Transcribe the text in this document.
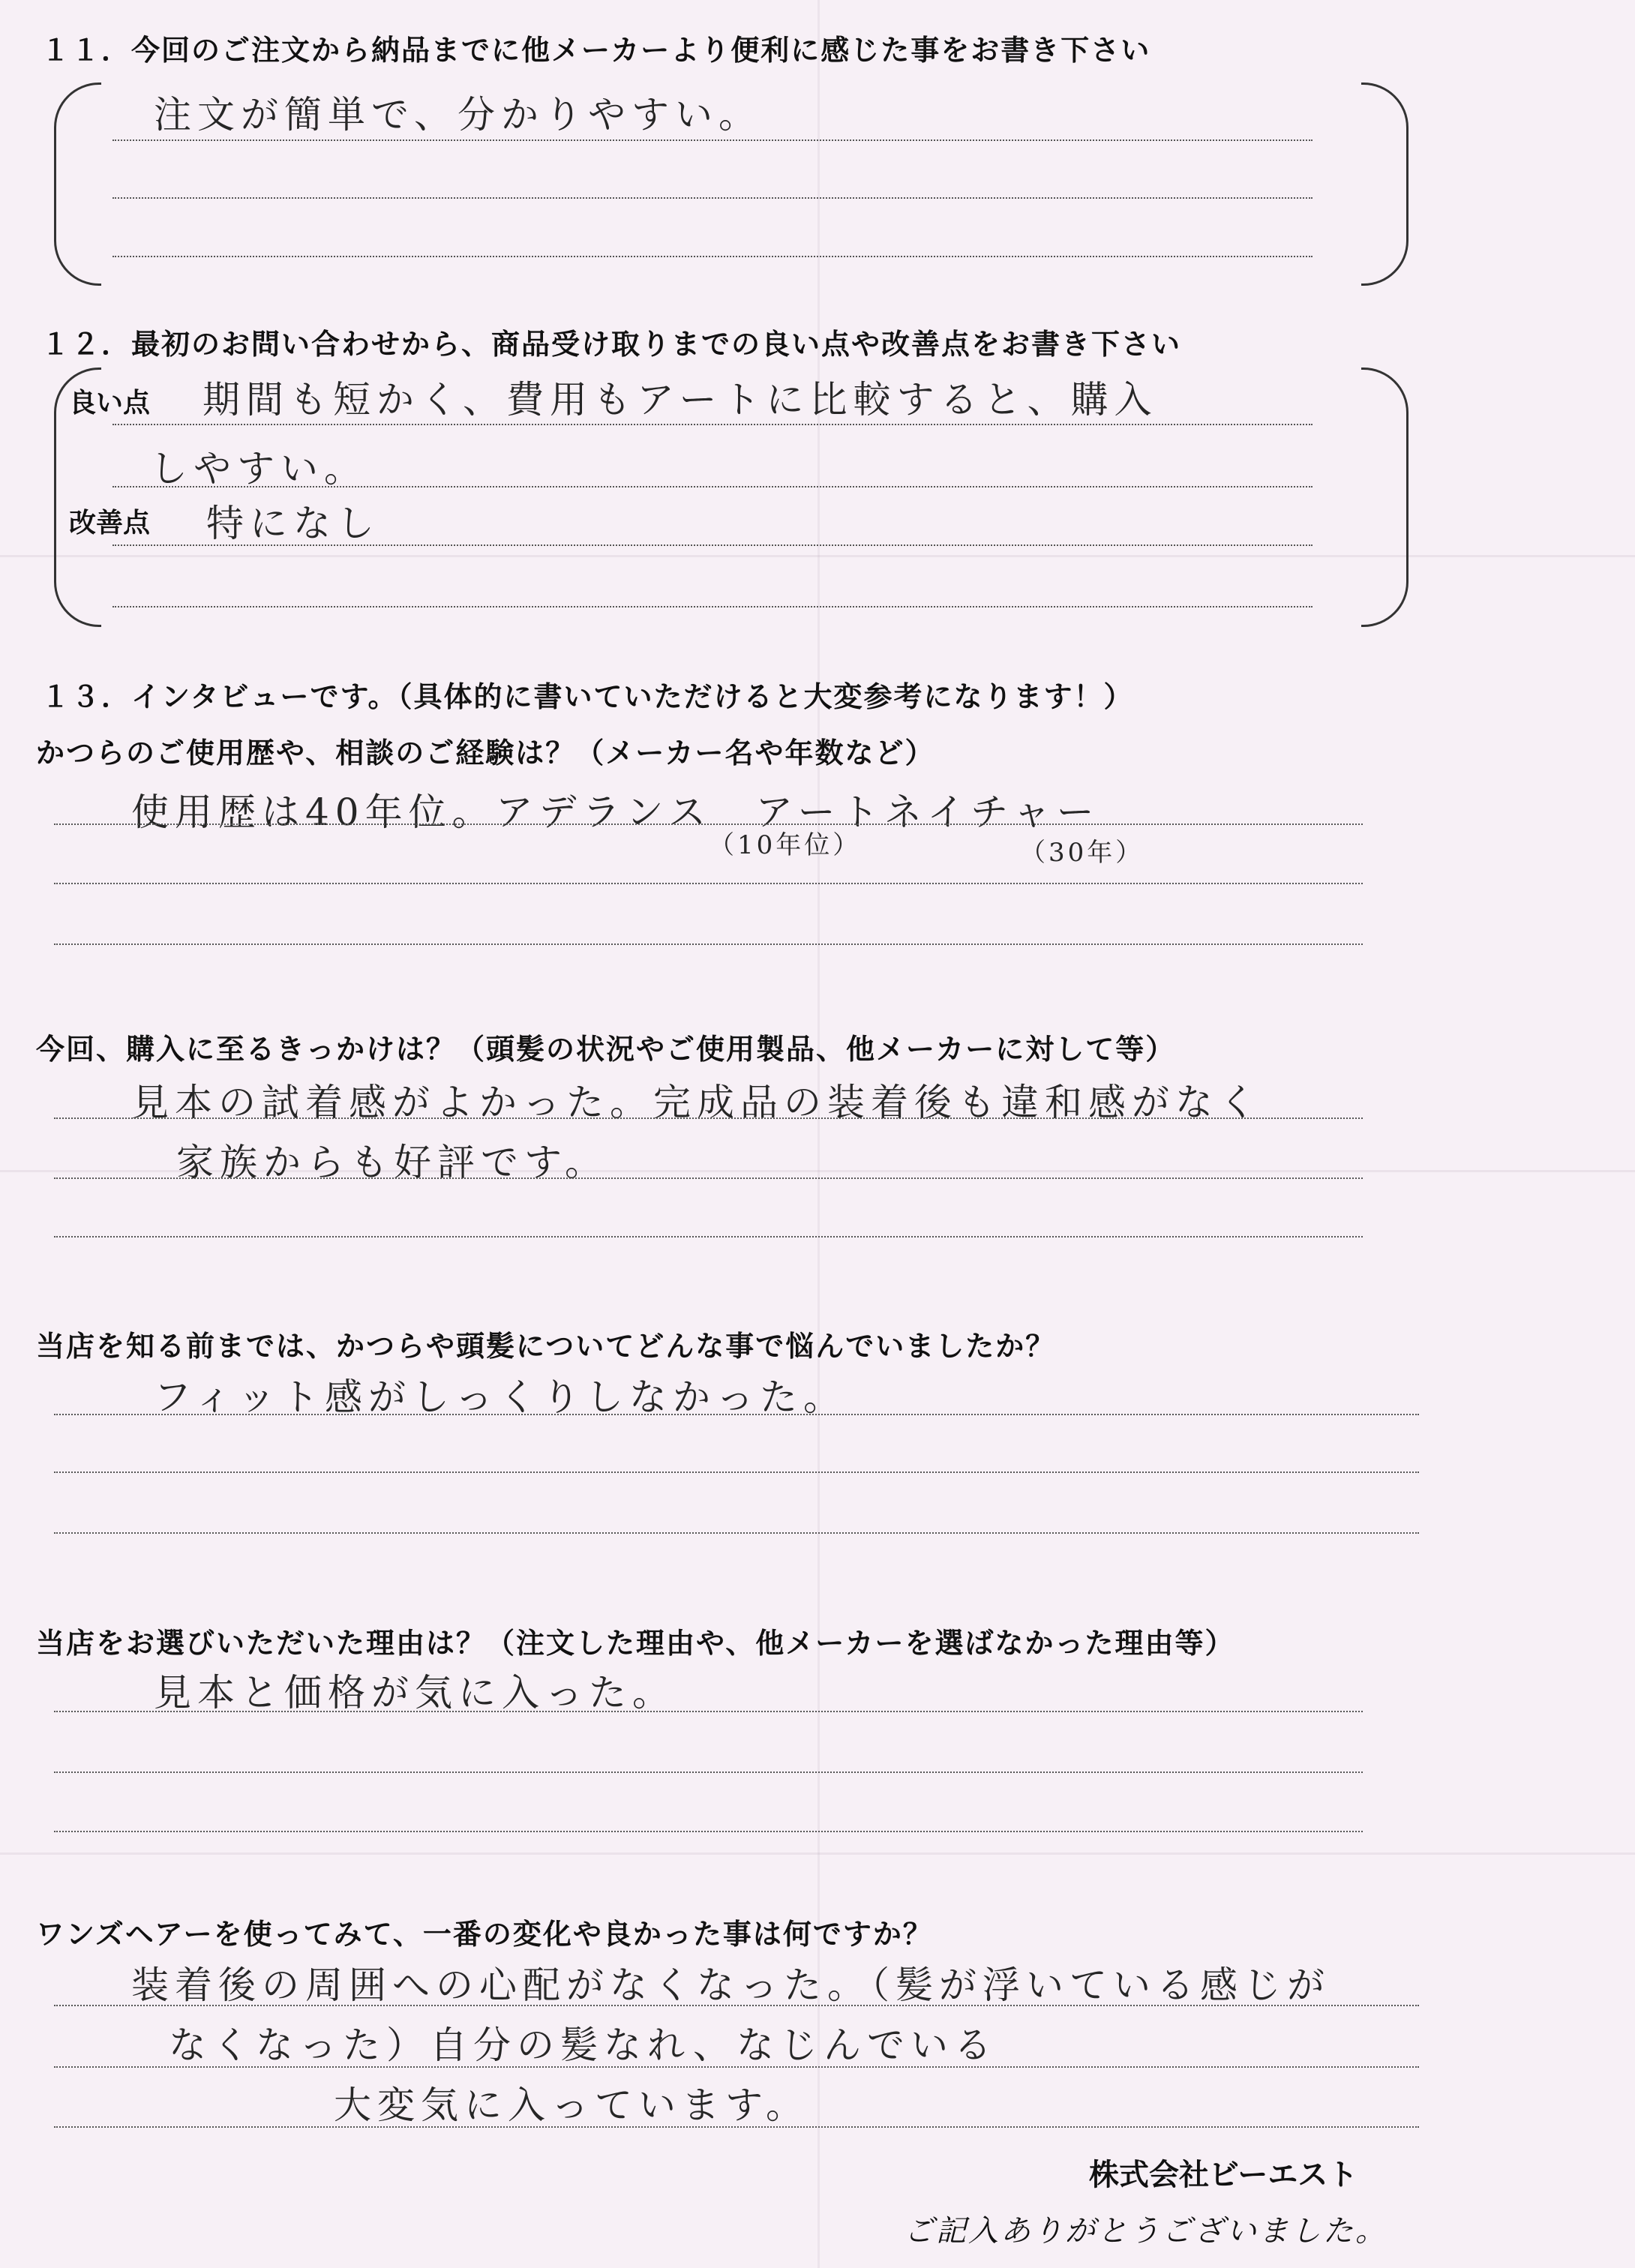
１１．今回のご注文から納品までに他メーカーより便利に感じた事をお書き下さい
注文が簡単で、分かりやすい。
１２．最初のお問い合わせから、商品受け取りまでの良い点や改善点をお書き下さい
良い点 期間も短かく、費用もアートに比較すると、購入
しやすい。
改善点 特になし
１３．インタビューです。（具体的に書いていただけると大変参考になります！）
かつらのご使用歴や、相談のご経験は？（メーカー名や年数など）
使用歴は40年位。アデランス　アートネイチャー
（10年位）	（30年）
今回、購入に至るきっかけは？（頭髪の状況やご使用製品、他メーカーに対して等）
見本の試着感がよかった。完成品の装着後も違和感がなく
家族からも好評です。
当店を知る前までは、かつらや頭髪についてどんな事で悩んでいましたか？
フィット感がしっくりしなかった。
当店をお選びいただいた理由は？（注文した理由や、他メーカーを選ばなかった理由等）
見本と価格が気に入った。
ワンズヘアーを使ってみて、一番の変化や良かった事は何ですか？
装着後の周囲への心配がなくなった。（髪が浮いている感じが
なくなった）自分の髪なれ、なじんでいる
大変気に入っています。
株式会社ビーエスト
ご記入ありがとうございました。
